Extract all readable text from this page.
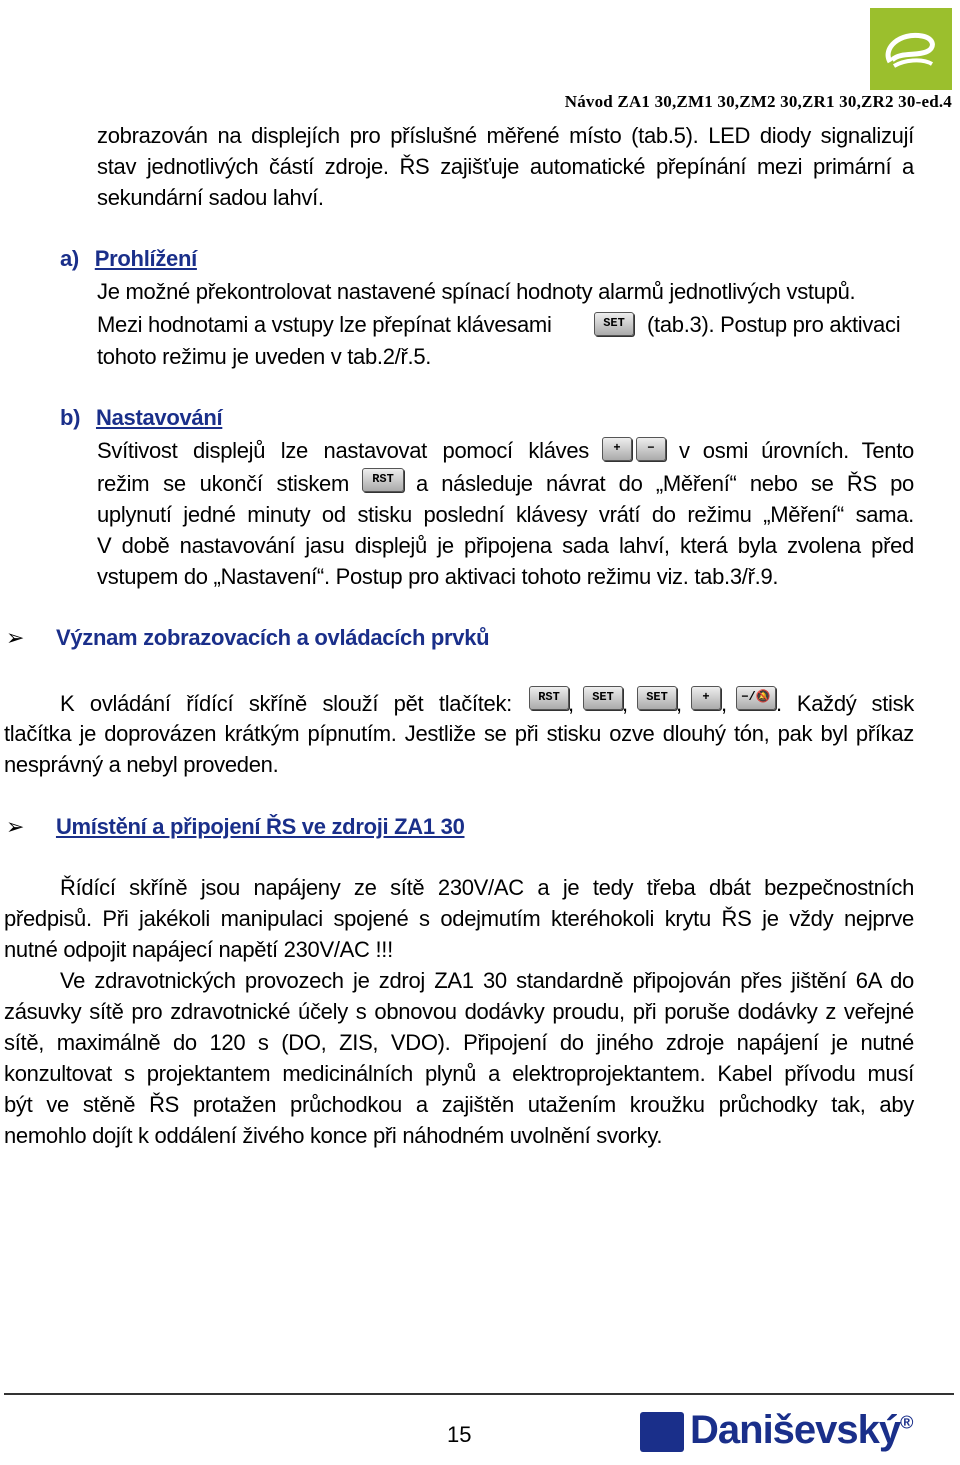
Návod ZA1 30,ZM1 30,ZM2 30,ZR1 30,ZR2 30-ed.4
zobrazován na displejích pro příslušné měřené místo (tab.5). LED diody signalizují
stav jednotlivých částí zdroje. ŘS zajišťuje automatické přepínání mezi primární a
sekundární sadou lahví.
a) Prohlížení
Je možné překontrolovat nastavené spínací hodnoty alarmů jednotlivých vstupů.
Mezi hodnotami a vstupy lze přepínat klávesami	SET	(tab.3). Postup pro aktivaci
tohoto režimu je uveden v tab.2/ř.5.
b) Nastavování
Svítivost displejů lze nastavovat pomocí kláves	+	−	v osmi úrovních. Tento
režim se ukončí stiskem	RST	a následuje návrat do „Měření“ nebo se ŘS po
uplynutí jedné minuty od stisku poslední klávesy vrátí do režimu „Měření“ sama.
V době nastavování jasu displejů je připojena sada lahví, která byla zvolena před
vstupem do „Nastavení“. Postup pro aktivaci tohoto režimu viz. tab.3/ř.9.
➢ Význam zobrazovacích a ovládacích prvků
K ovládání řídící skříně slouží pět tlačítek:	RST ,	SET ,	SET ,	+ ,	−/🔕 . Každý stisk
tlačítka je doprovázen krátkým pípnutím. Jestliže se při stisku ozve dlouhý tón, pak byl příkaz
nesprávný a nebyl proveden.
➢ Umístění a připojení ŘS ve zdroji ZA1 30
Řídící skříně jsou napájeny ze sítě 230V/AC a je tedy třeba dbát bezpečnostních
předpisů. Při jakékoli manipulaci spojené s odejmutím kteréhokoli krytu ŘS je vždy nejprve
nutné odpojit napájecí napětí 230V/AC !!!
Ve zdravotnických provozech je zdroj ZA1 30 standardně připojován přes jištění 6A do
zásuvky sítě pro zdravotnické účely s obnovou dodávky proudu, při poruše dodávky z veřejné
sítě, maximálně do 120 s (DO, ZIS, VDO). Připojení do jiného zdroje napájení je nutné
konzultovat s projektantem medicinálních plynů a elektroprojektantem. Kabel přívodu musí
být ve stěně ŘS protažen průchodkou a zajištěn utažením kroužku průchodky tak, aby
nemohlo dojít k oddálení živého konce při náhodném uvolnění svorky.
15	Daniševský®
